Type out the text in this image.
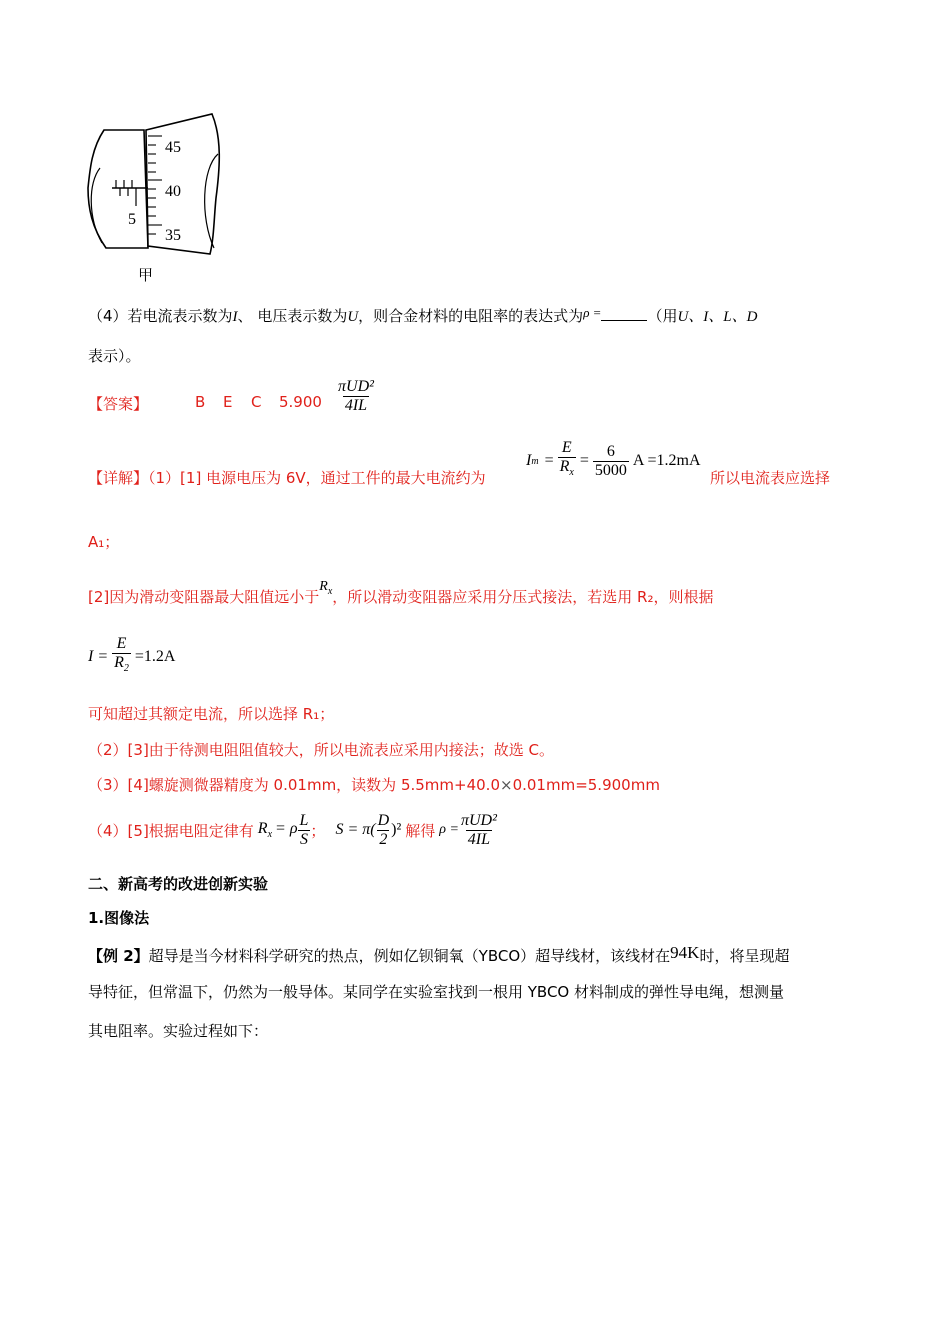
45
40
35
5
甲
（4）若电流表示数为I、 电压表示数为U，则合金材料的电阻率的表达式为ρ =	（用U、I、L、D
表示）。
【答案】	B E C 5.900
πUD²
4IL
【详解】（1）[1] 电源电压为 6V，通过工件的最大电流约为
I $m = \frac{E}{R_x} = \frac{6}{5000}$ A =1.2mA
所以电流表应选择
A₁；
[2]因为滑动变阻器最大阻值远小于$R_x$，所以滑动变阻器应采用分压式接法，若选用 R₂，则根据
$I = \frac{E}{R_2} =1.2A$
可知超过其额定电流，所以选择 R₁；
（2）[3]由于待测电阻阻值较大，所以电流表应采用内接法；故选 C。
（3）[4]螺旋测微器精度为 0.01mm，读数为 5.5mm+40.0×0.01mm=5.900mm
（4）[5]根据电阻定律有 $R_x = \rho \frac{L}{S}$ ； $S = \pi( \frac{D}{2} )^2$ 解得 $\rho = \frac{\text{πUD²}}{4IL}$
二、新高考的改进创新实验
1.图像法
【例 2】超导是当今材料科学研究的热点，例如亿钡铜氧（YBCO）超导线材，该线材在94K时，将呈现超
导特征，但常温下，仍然为一般导体。某同学在实验室找到一根用 YBCO 材料制成的弹性导电绳，想测量
其电阻率。实验过程如下：
